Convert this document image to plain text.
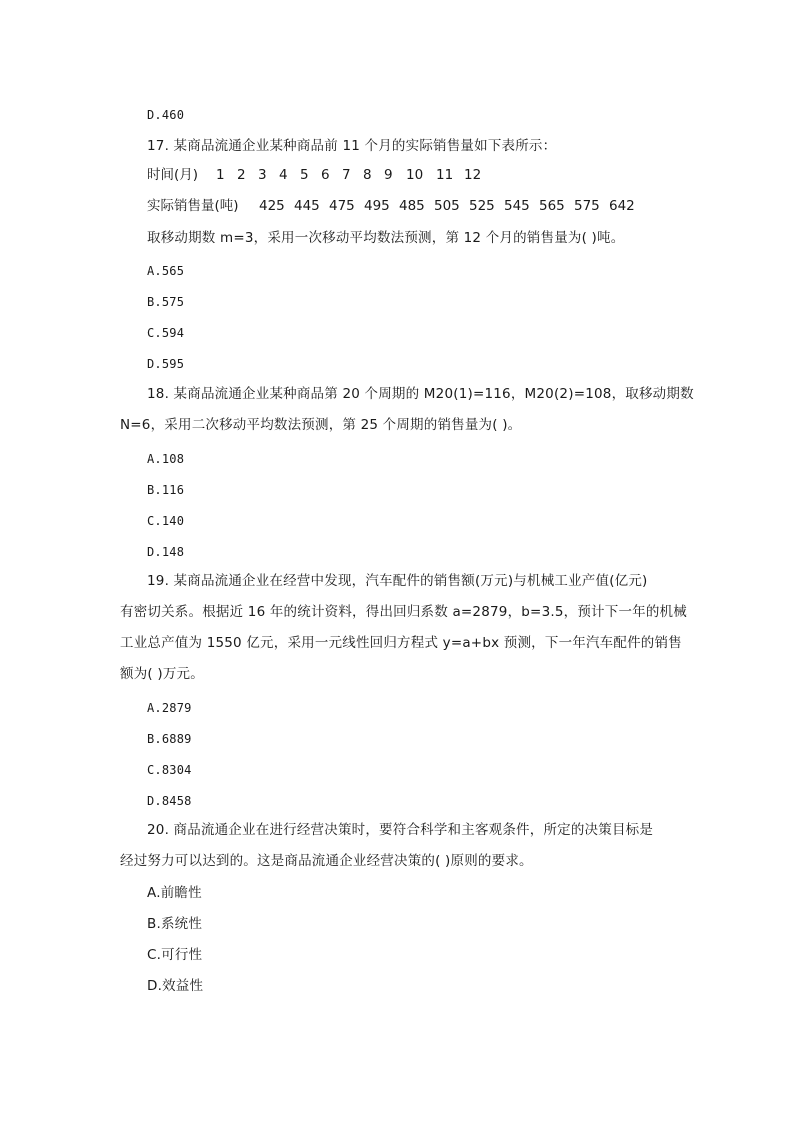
D.460
17. 某商品流通企业某种商品前 11 个月的实际销售量如下表所示：
时间(月)	1 2 3 4 5 6 7 8 9 10 11 12
实际销售量(吨)	425 445 475 495 485 505 525 545 565 575 642
取移动期数 m=3，采用一次移动平均数法预测，第 12 个月的销售量为( )吨。
A.565
B.575
C.594
D.595
18. 某商品流通企业某种商品第 20 个周期的 M20(1)=116，M20(2)=108，取移动期数
N=6，采用二次移动平均数法预测，第 25 个周期的销售量为( )。
A.108
B.116
C.140
D.148
19. 某商品流通企业在经营中发现，汽车配件的销售额(万元)与机械工业产值(亿元)
有密切关系。根据近 16 年的统计资料，得出回归系数 a=2879，b=3.5，预计下一年的机械
工业总产值为 1550 亿元，采用一元线性回归方程式 y=a+bx 预测，下一年汽车配件的销售
额为( )万元。
A.2879
B.6889
C.8304
D.8458
20. 商品流通企业在进行经营决策时，要符合科学和主客观条件，所定的决策目标是
经过努力可以达到的。这是商品流通企业经营决策的( )原则的要求。
A.前瞻性
B.系统性
C.可行性
D.效益性
